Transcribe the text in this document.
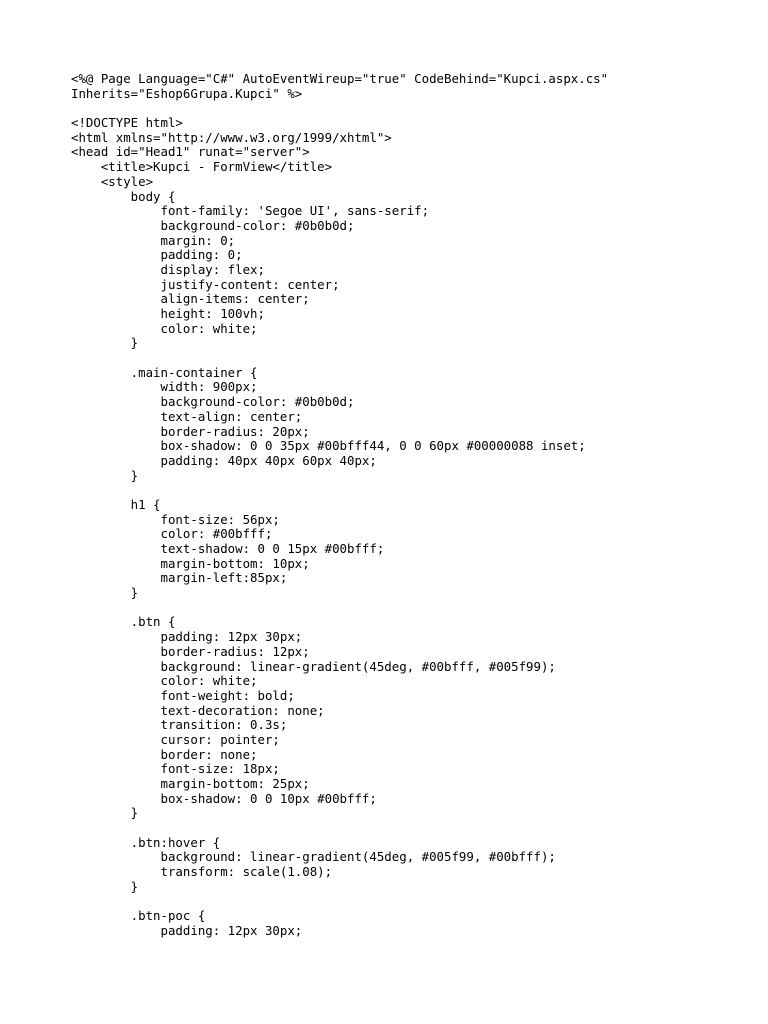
<%@ Page Language="C#" AutoEventWireup="true" CodeBehind="Kupci.aspx.cs"
Inherits="Eshop6Grupa.Kupci" %>
<!DOCTYPE html>
<html xmlns="http://www.w3.org/1999/xhtml">
<head id="Head1" runat="server">
<title>Kupci - FormView</title>
<style>
body {
font-family: 'Segoe UI', sans-serif;
background-color: #0b0b0d;
margin: 0;
padding: 0;
display: flex;
justify-content: center;
align-items: center;
height: 100vh;
color: white;
}
.main-container {
width: 900px;
background-color: #0b0b0d;
text-align: center;
border-radius: 20px;
box-shadow: 0 0 35px #00bfff44, 0 0 60px #00000088 inset;
padding: 40px 40px 60px 40px;
}
h1 {
font-size: 56px;
color: #00bfff;
text-shadow: 0 0 15px #00bfff;
margin-bottom: 10px;
margin-left:85px;
}
.btn {
padding: 12px 30px;
border-radius: 12px;
background: linear-gradient(45deg, #00bfff, #005f99);
color: white;
font-weight: bold;
text-decoration: none;
transition: 0.3s;
cursor: pointer;
border: none;
font-size: 18px;
margin-bottom: 25px;
box-shadow: 0 0 10px #00bfff;
}
.btn:hover {
background: linear-gradient(45deg, #005f99, #00bfff);
transform: scale(1.08);
}
.btn-poc {
padding: 12px 30px;
